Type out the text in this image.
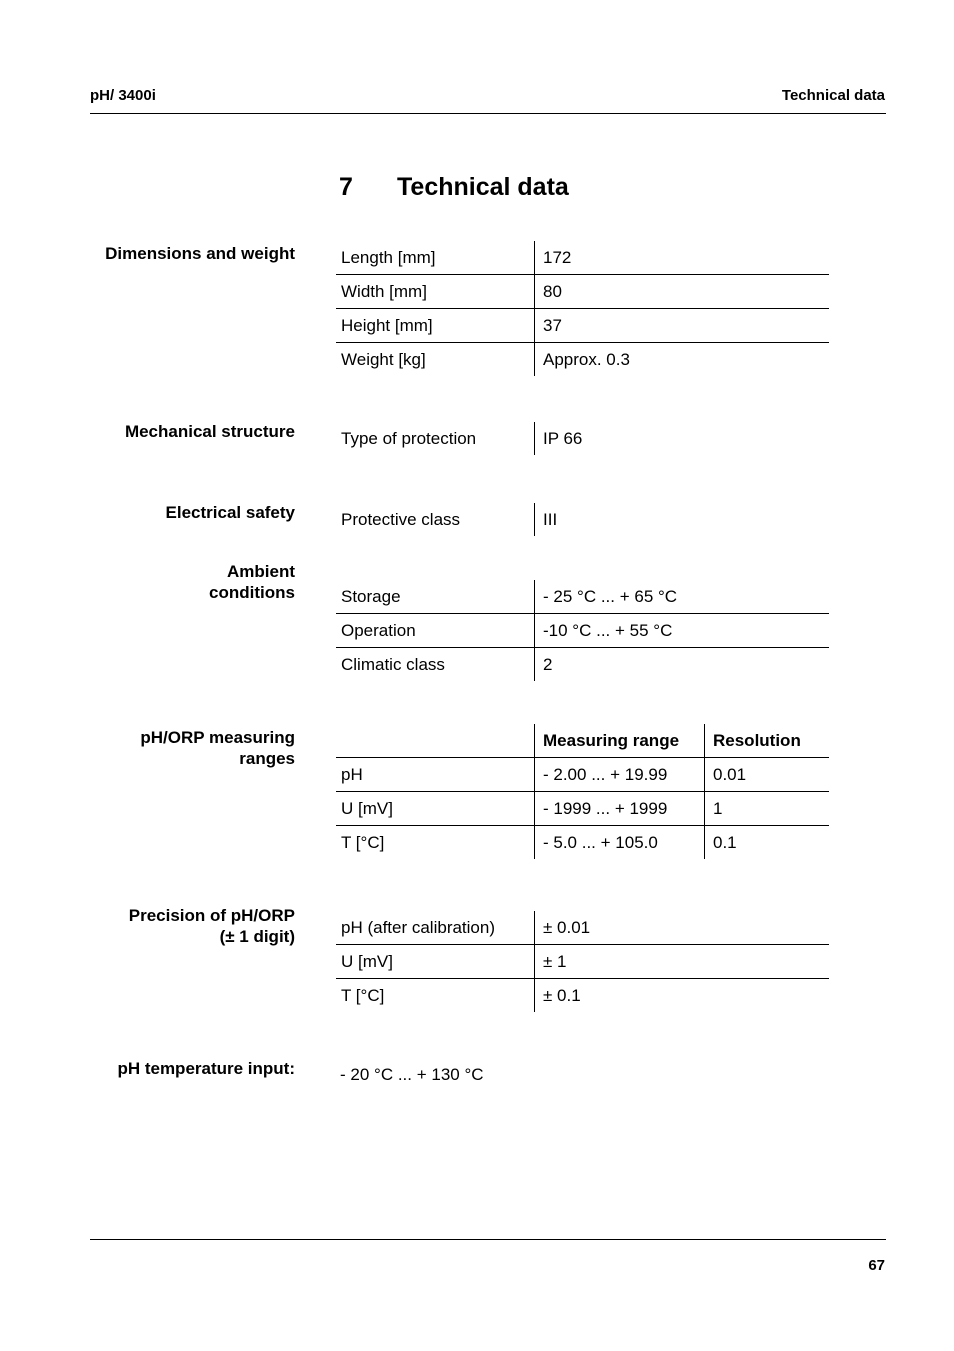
pH/ 3400i	Technical data
7 Technical data
Dimensions and weight	Length [mm]	172
Width [mm]	80
Height [mm]	37
Weight [kg]	Approx. 0.3
Mechanical structure	Type of protection	IP 66
Electrical safety	Protective class	III
Ambient
conditions	Storage	- 25 °C ... + 65 °C
Operation	-10 °C ... + 55 °C
Climatic class	2
pH/ORP measuring
ranges
	Measuring range	Resolution
pH	- 2.00 ... + 19.99	0.01
U [mV]	- 1999 ... + 1999	1
T [°C]	- 5.0 ... + 105.0	0.1
Precision of pH/ORP
(± 1 digit)	pH (after calibration)	± 0.01
U [mV]	± 1
T [°C]	± 0.1
pH temperature input:	- 20 °C ... + 130 °C
67
